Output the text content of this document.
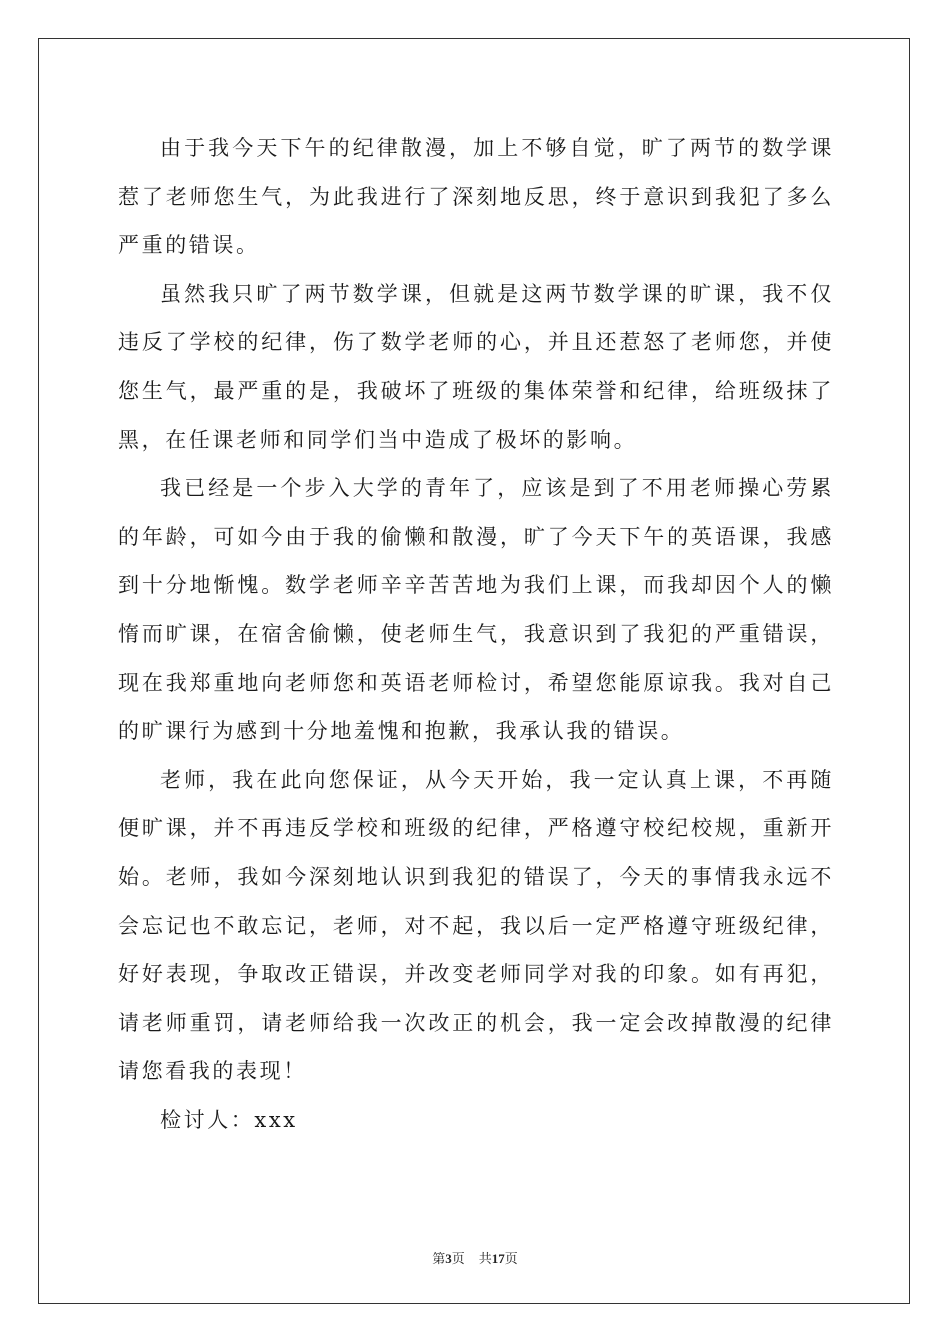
由于我今天下午的纪律散漫，加上不够自觉，旷了两节的数学课惹了老师您生气，为此我进行了深刻地反思，终于意识到我犯了多么严重的错误。

虽然我只旷了两节数学课，但就是这两节数学课的旷课，我不仅违反了学校的纪律，伤了数学老师的心，并且还惹怒了老师您，并使您生气，最严重的是，我破坏了班级的集体荣誉和纪律，给班级抹了黑，在任课老师和同学们当中造成了极坏的影响。

我已经是一个步入大学的青年了，应该是到了不用老师操心劳累的年龄，可如今由于我的偷懒和散漫，旷了今天下午的英语课，我感到十分地惭愧。数学老师辛辛苦苦地为我们上课，而我却因个人的懒惰而旷课，在宿舍偷懒，使老师生气，我意识到了我犯的严重错误，现在我郑重地向老师您和英语老师检讨，希望您能原谅我。我对自己的旷课行为感到十分地羞愧和抱歉，我承认我的错误。

老师，我在此向您保证，从今天开始，我一定认真上课，不再随便旷课，并不再违反学校和班级的纪律，严格遵守校纪校规，重新开始。老师，我如今深刻地认识到我犯的错误了，今天的事情我永远不会忘记也不敢忘记，老师，对不起，我以后一定严格遵守班级纪律，好好表现，争取改正错误，并改变老师同学对我的印象。如有再犯，请老师重罚，请老师给我一次改正的机会，我一定会改掉散漫的纪律请您看我的表现！

检讨人：xxx

第3页 共17页
